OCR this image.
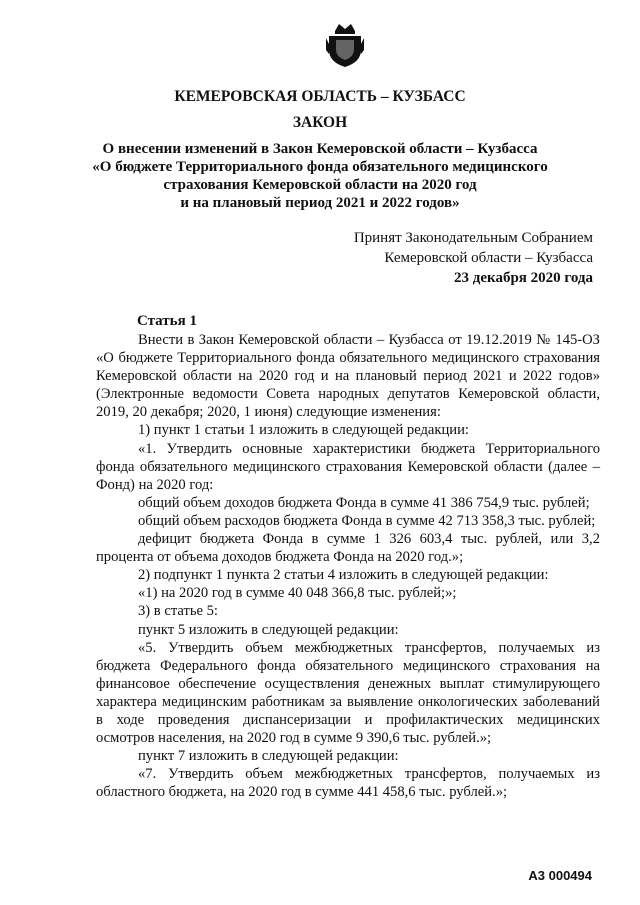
КЕМЕРОВСКАЯ ОБЛАСТЬ – КУЗБАСС
ЗАКОН
О внесении изменений в Закон Кемеровской области – Кузбасса
«О бюджете Территориального фонда обязательного медицинского
страхования Кемеровской области на 2020 год
и на плановый период 2021 и 2022 годов»
Принят Законодательным Собранием
Кемеровской области – Кузбасса
23 декабря 2020 года
Статья 1

Внести в Закон Кемеровской области – Кузбасса от 19.12.2019 № 145-ОЗ «О бюджете Территориального фонда обязательного медицинского страхования Кемеровской области на 2020 год и на плановый период 2021 и 2022 годов» (Электронные ведомости Совета народных депутатов Кемеровской области, 2019, 20 декабря; 2020, 1 июня) следующие изменения:

1) пункт 1 статьи 1 изложить в следующей редакции:

«1. Утвердить основные характеристики бюджета Территориального фонда обязательного медицинского страхования Кемеровской области (далее – Фонд) на 2020 год:

общий объем доходов бюджета Фонда в сумме 41 386 754,9 тыс. рублей;

общий объем расходов бюджета Фонда в сумме 42 713 358,3 тыс. рублей;

дефицит бюджета Фонда в сумме 1 326 603,4 тыс. рублей, или 3,2 процента от объема доходов бюджета Фонда на 2020 год.»;

2) подпункт 1 пункта 2 статьи 4 изложить в следующей редакции:

«1) на 2020 год в сумме 40 048 366,8 тыс. рублей;»;

3) в статье 5:

пункт 5 изложить в следующей редакции:

«5. Утвердить объем межбюджетных трансфертов, получаемых из бюджета Федерального фонда обязательного медицинского страхования на финансовое обеспечение осуществления денежных выплат стимулирующего характера медицинским работникам за выявление онкологических заболеваний в ходе проведения диспансеризации и профилактических медицинских осмотров населения, на 2020 год в сумме 9 390,6 тыс. рублей.»;

пункт 7 изложить в следующей редакции:

«7. Утвердить объем межбюджетных трансфертов, получаемых из областного бюджета, на 2020 год в сумме 441 458,6 тыс. рублей.»;

А3 000494
